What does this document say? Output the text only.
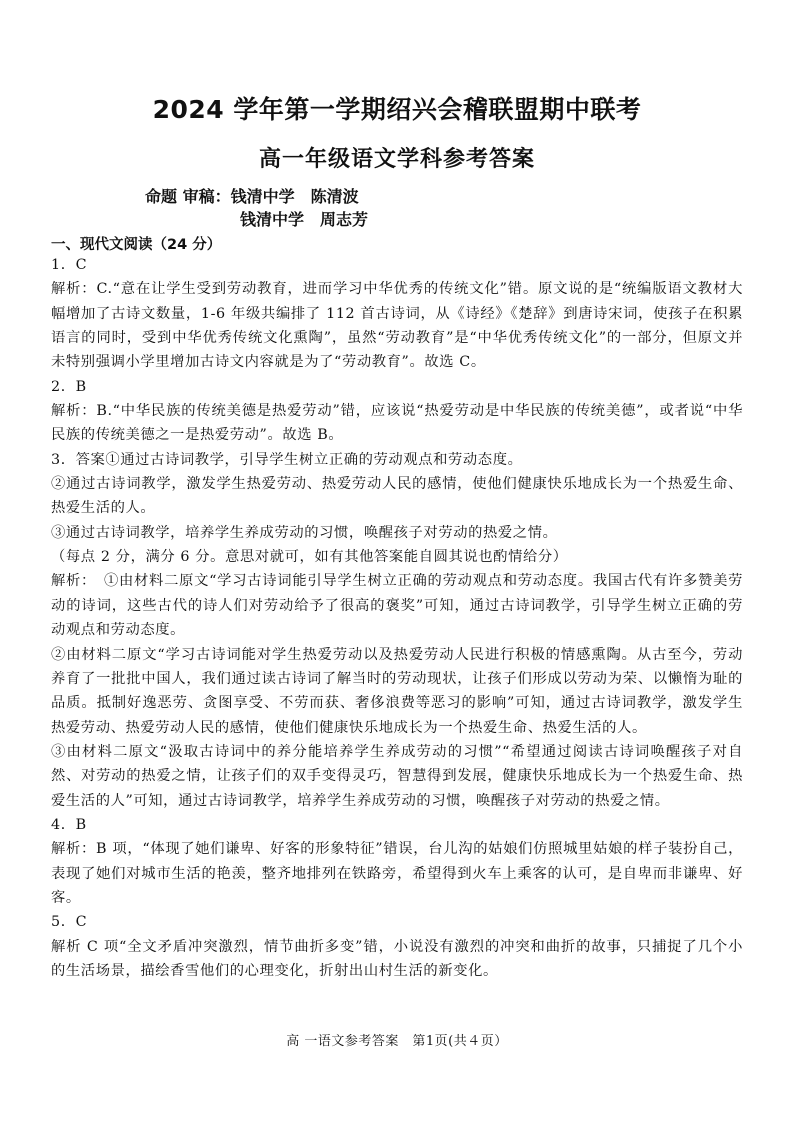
2024 学年第一学期绍兴会稽联盟期中联考
高一年级语文学科参考答案
命题 审稿：钱清中学　陈清波
钱清中学　周志芳
一、现代文阅读（24 分）

1．C

解析：C.“意在让学生受到劳动教育，进而学习中华优秀的传统文化”错。原文说的是“统编版语文教材大幅增加了古诗文数量，1-6 年级共编排了 112 首古诗词，从《诗经》《楚辞》到唐诗宋词，使孩子在积累语言的同时，受到中华优秀传统文化熏陶”，虽然“劳动教育”是“中华优秀传统文化”的一部分，但原文并未特别强调小学里增加古诗文内容就是为了“劳动教育”。故选 C。

2．B

解析：B.“中华民族的传统美德是热爱劳动”错，应该说“热爱劳动是中华民族的传统美德”，或者说“中华民族的传统美德之一是热爱劳动”。故选 B。

3．答案①通过古诗词教学，引导学生树立正确的劳动观点和劳动态度。

②通过古诗词教学，激发学生热爱劳动、热爱劳动人民的感情，使他们健康快乐地成长为一个热爱生命、热爱生活的人。

③通过古诗词教学，培养学生养成劳动的习惯，唤醒孩子对劳动的热爱之情。

（每点 2 分，满分 6 分。意思对就可，如有其他答案能自圆其说也酌情给分）

解析：　①由材料二原文“学习古诗词能引导学生树立正确的劳动观点和劳动态度。我国古代有许多赞美劳动的诗词，这些古代的诗人们对劳动给予了很高的褒奖”可知，通过古诗词教学，引导学生树立正确的劳动观点和劳动态度。

②由材料二原文“学习古诗词能对学生热爱劳动以及热爱劳动人民进行积极的情感熏陶。从古至今，劳动养育了一批批中国人，我们通过读古诗词了解当时的劳动现状，让孩子们形成以劳动为荣、以懒惰为耻的品质。抵制好逸恶劳、贪图享受、不劳而获、奢侈浪费等恶习的影响”可知，通过古诗词教学，激发学生热爱劳动、热爱劳动人民的感情，使他们健康快乐地成长为一个热爱生命、热爱生活的人。

③由材料二原文“汲取古诗词中的养分能培养学生养成劳动的习惯”“希望通过阅读古诗词唤醒孩子对自然、对劳动的热爱之情，让孩子们的双手变得灵巧，智慧得到发展，健康快乐地成长为一个热爱生命、热爱生活的人”可知，通过古诗词教学，培养学生养成劳动的习惯，唤醒孩子对劳动的热爱之情。

4．B

解析：B 项，“体现了她们谦卑、好客的形象特征”错误，台儿沟的姑娘们仿照城里姑娘的样子装扮自己，表现了她们对城市生活的艳羡，整齐地排列在铁路旁，希望得到火车上乘客的认可，是自卑而非谦卑、好客。

5．C

解析 C 项“全文矛盾冲突激烈，情节曲折多变”错，小说没有激烈的冲突和曲折的故事，只捕捉了几个小的生活场景，描绘香雪他们的心理变化，折射出山村生活的新变化。

高 一语文参考答案　第1页(共４页）
